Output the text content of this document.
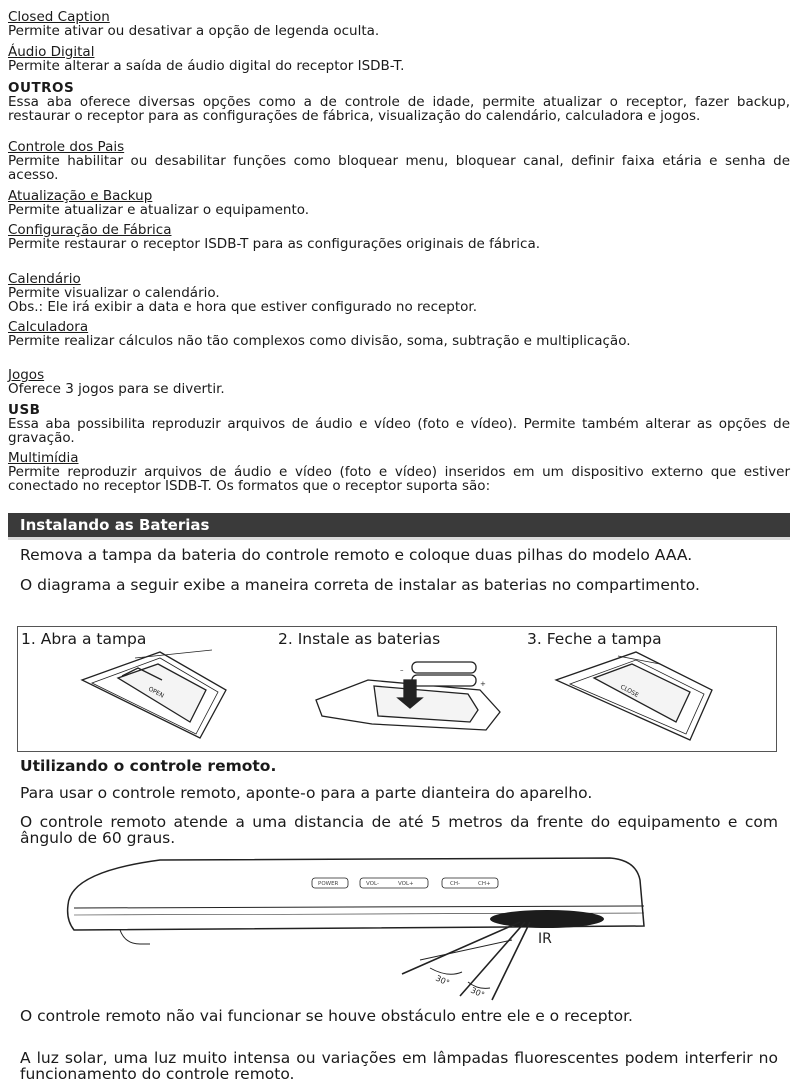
Closed Caption
Permite ativar ou desativar a opção de legenda oculta.
Áudio Digital
Permite alterar a saída de áudio digital do receptor ISDB-T.
OUTROS
Essa aba oferece diversas opções como a de controle de idade, permite atualizar o receptor, fazer backup, restaurar o receptor para as configurações de fábrica, visualização do calendário, calculadora e jogos.
Controle dos Pais
Permite habilitar ou desabilitar funções como bloquear menu, bloquear canal, definir faixa etária e senha de acesso.
Atualização e Backup
Permite atualizar e atualizar o equipamento.
Configuração de Fábrica
Permite restaurar o receptor ISDB-T para as configurações originais de fábrica.
Calendário
Permite visualizar o calendário.
Obs.: Ele irá exibir a data e hora que estiver configurado no receptor.
Calculadora
Permite realizar cálculos não tão complexos como divisão, soma, subtração e multiplicação.
Jogos
Oferece 3 jogos para se divertir.
USB
Essa aba possibilita reproduzir arquivos de áudio e vídeo (foto e vídeo). Permite também alterar as opções de gravação.
Multimídia
Permite reproduzir arquivos de áudio e vídeo (foto e vídeo) inseridos em um dispositivo externo que estiver conectado no receptor ISDB-T. Os formatos que o receptor suporta são:
Instalando as Baterias
Remova a tampa da bateria do controle remoto e coloque duas pilhas do modelo AAA.
O diagrama a seguir exibe a maneira correta de instalar as baterias no compartimento.
1. Abra a tampa	2. Instale as baterias	3. Feche a tampa
OPEN
+
–
CLOSE
POWER	VOL-	VOL+	CH-	CH+
IR
30°
30°
Utilizando o controle remoto.
Para usar o controle remoto, aponte-o para a parte dianteira do aparelho.
O controle remoto atende a uma distancia de até 5 metros da frente do equipamento e com ângulo de 60 graus.
O controle remoto não vai funcionar se houve obstáculo entre ele e o receptor.
A luz solar, uma luz muito intensa ou variações em lâmpadas fluorescentes podem interferir no funcionamento do controle remoto.
